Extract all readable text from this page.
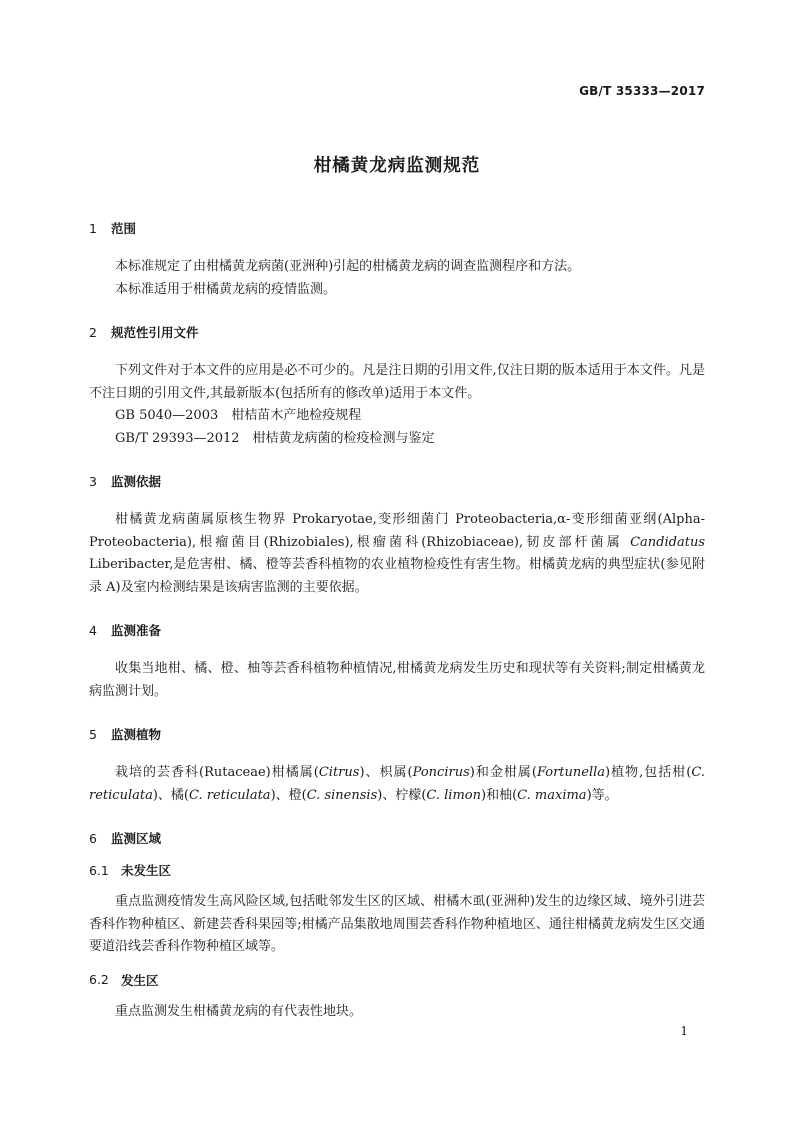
GB/T 35333—2017
柑橘黄龙病监测规范
1	范围

本标准规定了由柑橘黄龙病菌(亚洲种)引起的柑橘黄龙病的调查监测程序和方法。

本标准适用于柑橘黄龙病的疫情监测。

2	规范性引用文件

下列文件对于本文件的应用是必不可少的。凡是注日期的引用文件,仅注日期的版本适用于本文件。凡是不注日期的引用文件,其最新版本(包括所有的修改单)适用于本文件。

GB 5040—2003　柑桔苗木产地检疫规程

GB/T 29393—2012　柑桔黄龙病菌的检疫检测与鉴定

3	监测依据

柑橘黄龙病菌属原核生物界 Prokaryotae,变形细菌门 Proteobacteria,α-变形细菌亚纲(Alpha-Proteobacteria),根瘤菌目(Rhizobiales),根瘤菌科(Rhizobiaceae),韧皮部杆菌属 Candidatus Liberibacter,是危害柑、橘、橙等芸香科植物的农业植物检疫性有害生物。柑橘黄龙病的典型症状(参见附录 A)及室内检测结果是该病害监测的主要依据。

4	监测准备

收集当地柑、橘、橙、柚等芸香科植物种植情况,柑橘黄龙病发生历史和现状等有关资料;制定柑橘黄龙病监测计划。

5	监测植物

栽培的芸香科(Rutaceae)柑橘属(Citrus)、枳属(Poncirus)和金柑属(Fortunella)植物,包括柑(C. reticulata)、橘(C. reticulata)、橙(C. sinensis)、柠檬(C. limon)和柚(C. maxima)等。

6	监测区域
6.1 未发生区

重点监测疫情发生高风险区域,包括毗邻发生区的区域、柑橘木虱(亚洲种)发生的边缘区域、境外引进芸香科作物种植区、新建芸香科果园等;柑橘产品集散地周围芸香科作物种植地区、通往柑橘黄龙病发生区交通要道沿线芸香科作物种植区域等。

6.2 发生区

重点监测发生柑橘黄龙病的有代表性地块。

1
